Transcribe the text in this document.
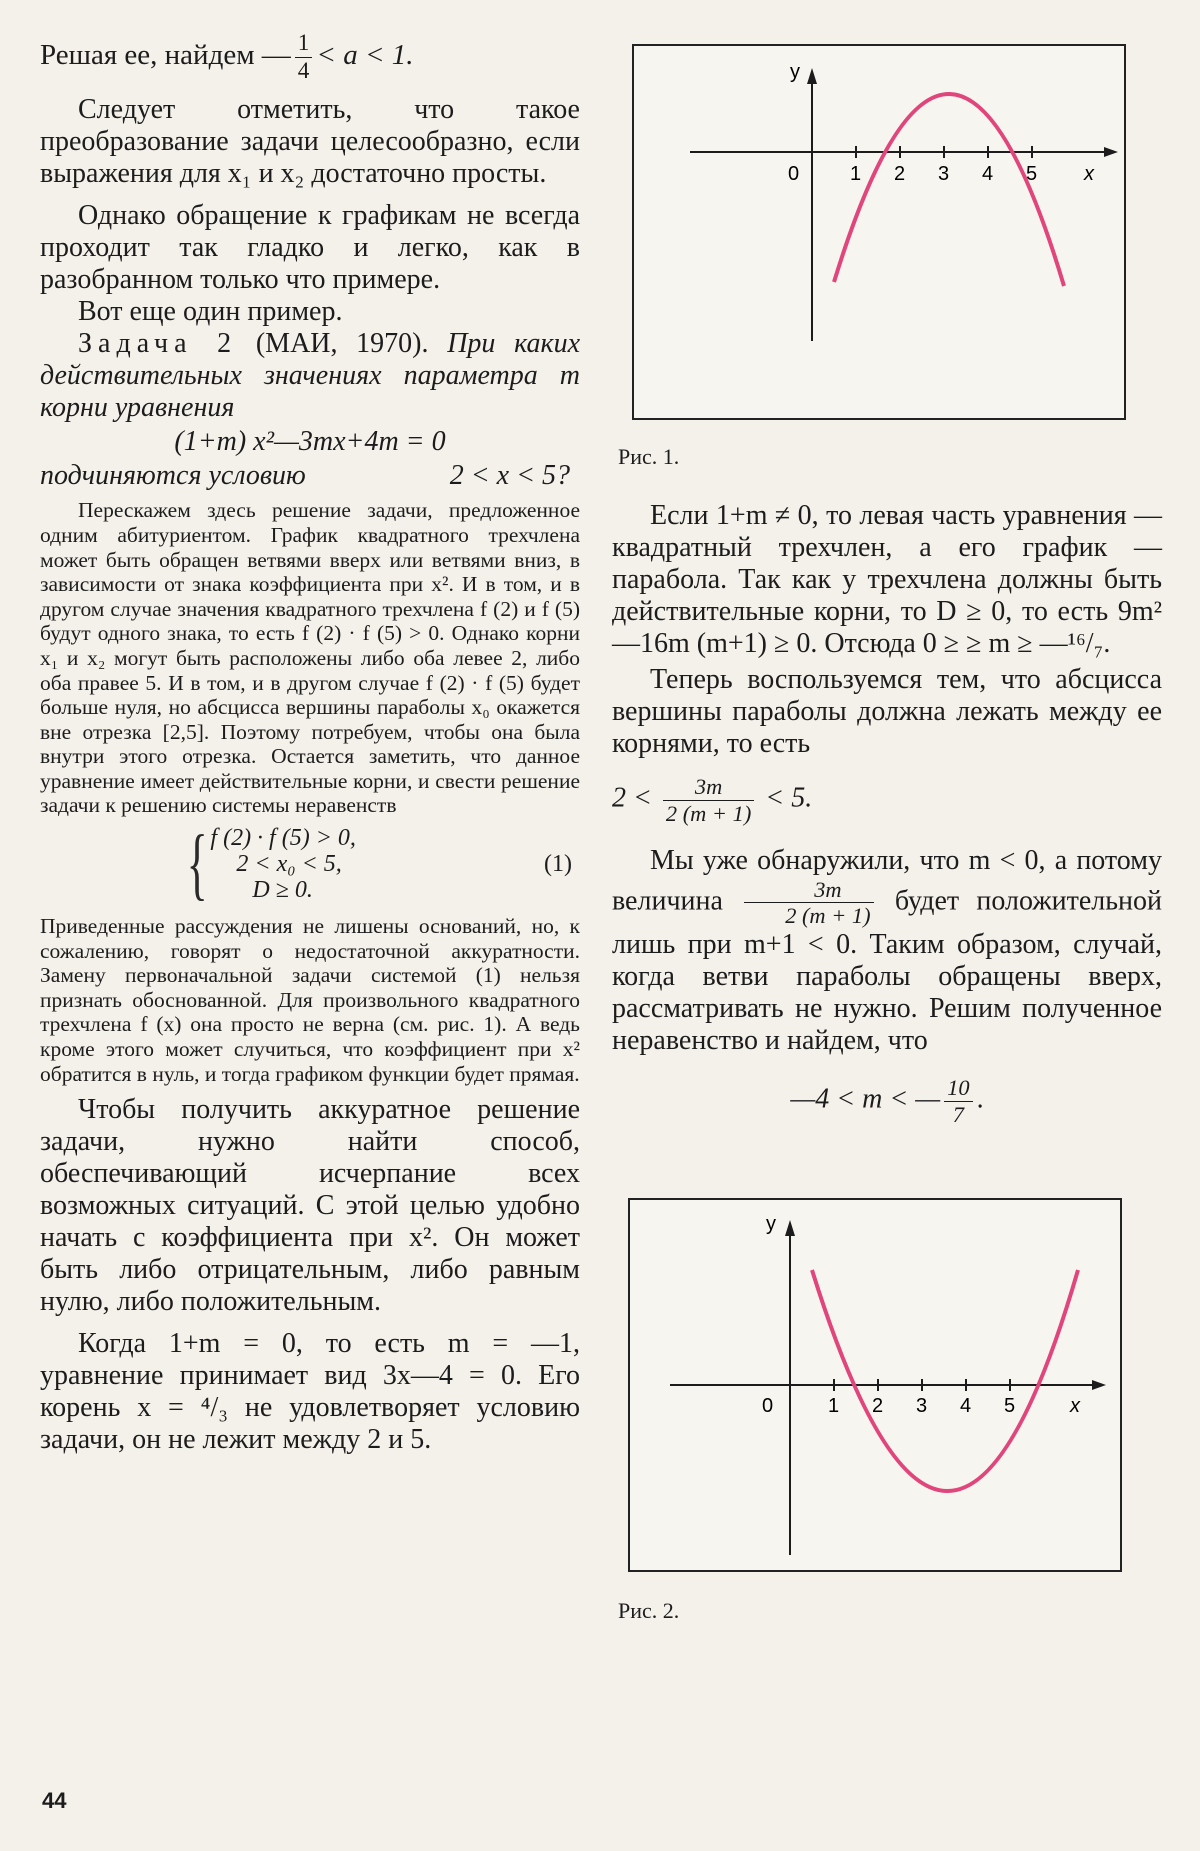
Решая ее, найдем — $\frac{1}{4} < a < 1$.

Следует отметить, что такое преобразование задачи целесообразно, если выражения для x₁ и x₂ достаточно просты.

Однако обращение к графикам не всегда проходит так гладко и легко, как в разобранном только что примере.

Вот еще один пример.

Задача 2 (МАИ, 1970). При каких действительных значениях параметра m корни уравнения

(1+m) x²—3mx+4m = 0

подчиняются условию	2 < x < 5?

Перескажем здесь решение задачи, предложенное одним абитуриентом. График квадратного трехчлена может быть обращен ветвями вверх или ветвями вниз, в зависимости от знака коэффициента при x². И в том, и в другом случае значения квадратного трехчлена f (2) и f (5) будут одного знака, то есть f (2) · f (5) > 0. Однако корни x₁ и x₂ могут быть расположены либо оба левее 2, либо оба правее 5. И в том, и в другом случае f (2) · f (5) будет больше нуля, но абсцисса вершины параболы x₀ окажется вне отрезка [2,5]. Поэтому потребуем, чтобы она была внутри этого отрезка. Остается заметить, что данное уравнение имеет действительные корни, и свести решение задачи к решению системы неравенств

{ f (2) · f (5) > 0,
2 < x₀ < 5,
D ≥ 0.
(1)

Приведенные рассуждения не лишены оснований, но, к сожалению, говорят о недостаточной аккуратности. Замену первоначальной задачи системой (1) нельзя признать обоснованной. Для произвольного квадратного трехчлена f (x) она просто не верна (см. рис. 1). А ведь кроме этого может случиться, что коэффициент при x² обратится в нуль, и тогда графиком функции будет прямая.

Чтобы получить аккуратное решение задачи, нужно найти способ, обеспечивающий исчерпание всех возможных ситуаций. С этой целью удобно начать с коэффициента при x². Он может быть либо отрицательным, либо равным нулю, либо положительным.

Когда 1+m = 0, то есть m = —1, уравнение принимает вид 3x—4 = 0. Его корень x = ⁴/₃ не удовлетворяет условию задачи, он не лежит между 2 и 5.

y
x
0	1 2 3 4 5
Рис. 1.

Если 1+m ≠ 0, то левая часть уравнения — квадратный трехчлен, а его график — парабола. Так как у трехчлена должны быть действительные корни, то D ≥ 0, то есть 9m²—16m (m+1) ≥ 0. Отсюда 0 ≥ ≥ m ≥ —¹⁶/₇.

Теперь воспользуемся тем, что абсцисса вершины параболы должна лежать между ее корнями, то есть

$2 < \frac{3m}{2 (m + 1)} < 5$.

Мы уже обнаружили, что m < 0, а потому величина $\frac{3m}{2 (m + 1)}$ будет положительной лишь при m+1 < 0. Таким образом, случай, когда ветви параболы обращены вверх, рассматривать не нужно. Решим полученное неравенство и найдем, что

—4 < m < — $\frac{10}{7}$ .

y
x
0	1 2 3 4 5
Рис. 2.
44
